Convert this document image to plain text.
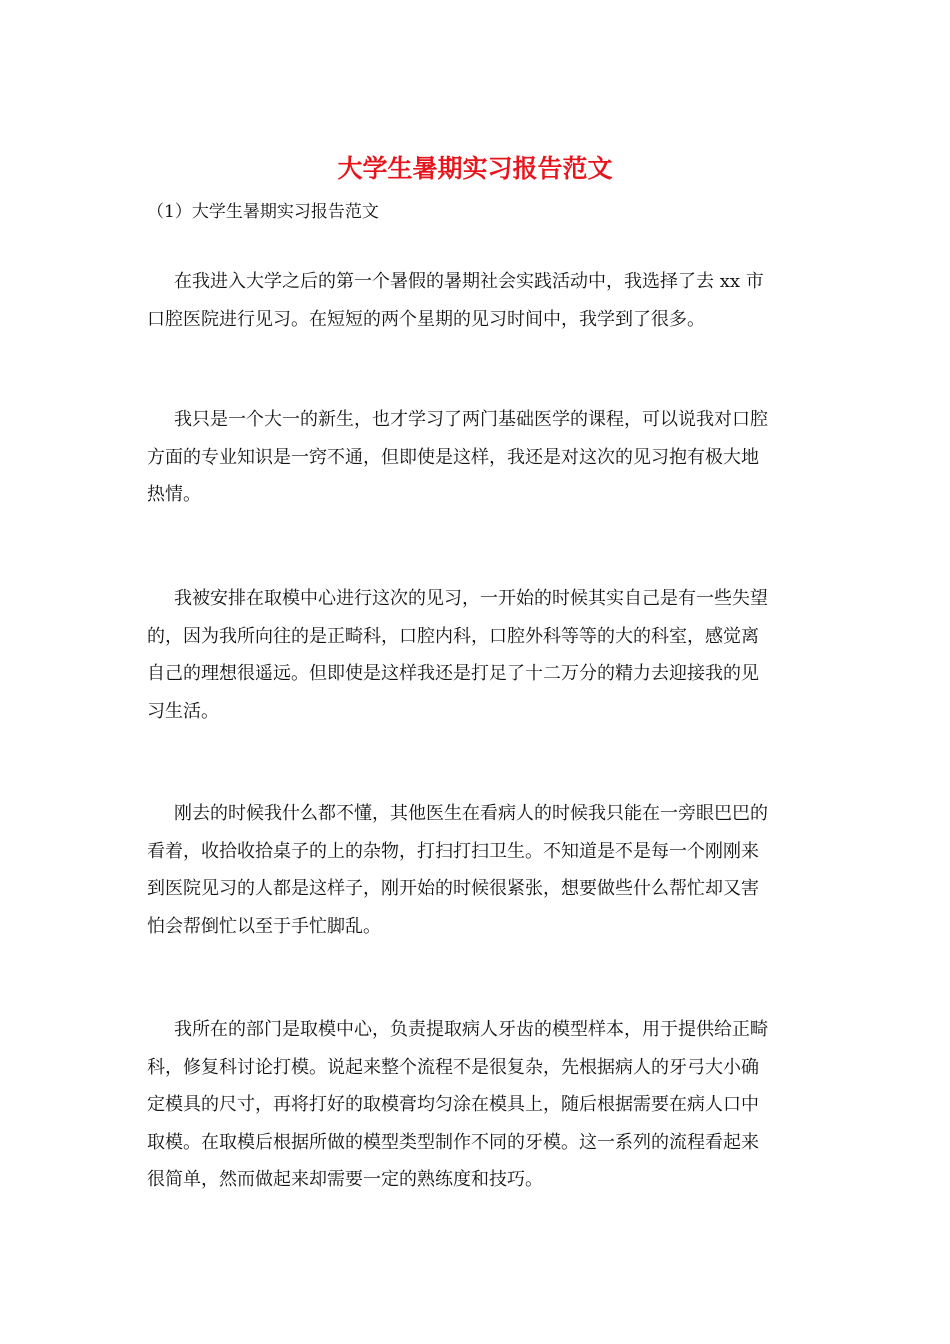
大学生暑期实习报告范文
（1）大学生暑期实习报告范文
在我进入大学之后的第一个暑假的暑期社会实践活动中，我选择了去 xx 市
口腔医院进行见习。在短短的两个星期的见习时间中，我学到了很多。
我只是一个大一的新生，也才学习了两门基础医学的课程，可以说我对口腔
方面的专业知识是一窍不通，但即使是这样，我还是对这次的见习抱有极大地
热情。
我被安排在取模中心进行这次的见习，一开始的时候其实自己是有一些失望
的，因为我所向往的是正畸科，口腔内科，口腔外科等等的大的科室，感觉离
自己的理想很遥远。但即使是这样我还是打足了十二万分的精力去迎接我的见
习生活。
刚去的时候我什么都不懂，其他医生在看病人的时候我只能在一旁眼巴巴的
看着，收拾收拾桌子的上的杂物，打扫打扫卫生。不知道是不是每一个刚刚来
到医院见习的人都是这样子，刚开始的时候很紧张，想要做些什么帮忙却又害
怕会帮倒忙以至于手忙脚乱。
我所在的部门是取模中心，负责提取病人牙齿的模型样本，用于提供给正畸
科，修复科讨论打模。说起来整个流程不是很复杂，先根据病人的牙弓大小确
定模具的尺寸，再将打好的取模膏均匀涂在模具上，随后根据需要在病人口中
取模。在取模后根据所做的模型类型制作不同的牙模。这一系列的流程看起来
很简单，然而做起来却需要一定的熟练度和技巧。
